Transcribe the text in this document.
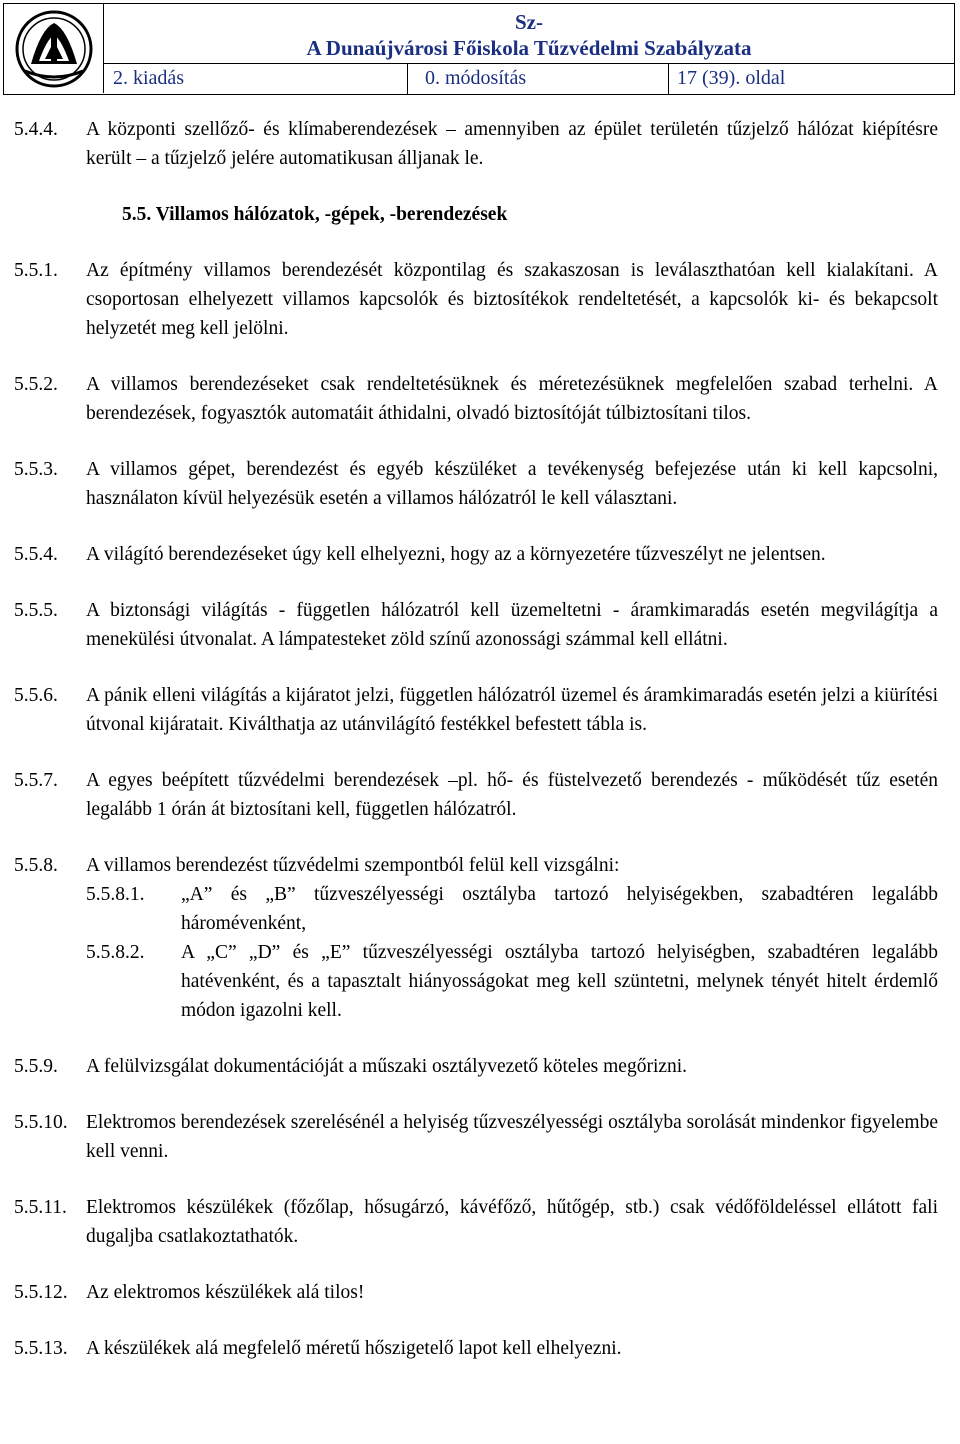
Sz-
A Dunaújvárosi Főiskola Tűzvédelmi Szabályzata
2. kiadás	0. módosítás	17 (39). oldal
5.4.4. A központi szellőző- és klímaberendezések – amennyiben az épület területén tűzjelző hálózat kiépítésre került – a tűzjelző jelére automatikusan álljanak le.
5.5. Villamos hálózatok, -gépek, -berendezések
5.5.1. Az építmény villamos berendezését központilag és szakaszosan is leválaszthatóan kell kialakítani. A csoportosan elhelyezett villamos kapcsolók és biztosítékok rendeltetését, a kapcsolók ki- és bekapcsolt helyzetét meg kell jelölni.
5.5.2. A villamos berendezéseket csak rendeltetésüknek és méretezésüknek megfelelően szabad terhelni. A berendezések, fogyasztók automatáit áthidalni, olvadó biztosítóját túlbiztosítani tilos.
5.5.3. A villamos gépet, berendezést és egyéb készüléket a tevékenység befejezése után ki kell kapcsolni, használaton kívül helyezésük esetén a villamos hálózatról le kell választani.
5.5.4. A világító berendezéseket úgy kell elhelyezni, hogy az a környezetére tűzveszélyt ne jelentsen.
5.5.5. A biztonsági világítás - független hálózatról kell üzemeltetni - áramkimaradás esetén megvilágítja a menekülési útvonalat. A lámpatesteket zöld színű azonossági számmal kell ellátni.
5.5.6. A pánik elleni világítás a kijáratot jelzi, független hálózatról üzemel és áramkimaradás esetén jelzi a kiürítési útvonal kijáratait. Kiválthatja az utánvilágító festékkel befestett tábla is.
5.5.7. A egyes beépített tűzvédelmi berendezések –pl. hő- és füstelvezető berendezés - működését tűz esetén legalább 1 órán át biztosítani kell, független hálózatról.
5.5.8. A villamos berendezést tűzvédelmi szempontból felül kell vizsgálni:
5.5.8.1. „A” és „B” tűzveszélyességi osztályba tartozó helyiségekben, szabadtéren legalább háromévenként,
5.5.8.2. A „C” „D” és „E” tűzveszélyességi osztályba tartozó helyiségben, szabadtéren legalább hatévenként, és a tapasztalt hiányosságokat meg kell szüntetni, melynek tényét hitelt érdemlő módon igazolni kell.
5.5.9. A felülvizsgálat dokumentációját a műszaki osztályvezető köteles megőrizni.
5.5.10. Elektromos berendezések szerelésénél a helyiség tűzveszélyességi osztályba sorolását mindenkor figyelembe kell venni.
5.5.11. Elektromos készülékek (főzőlap, hősugárzó, kávéfőző, hűtőgép, stb.) csak védőföldeléssel ellátott fali dugaljba csatlakoztathatók.
5.5.12. Az elektromos készülékek alá tilos!
5.5.13. A készülékek alá megfelelő méretű hőszigetelő lapot kell elhelyezni.
